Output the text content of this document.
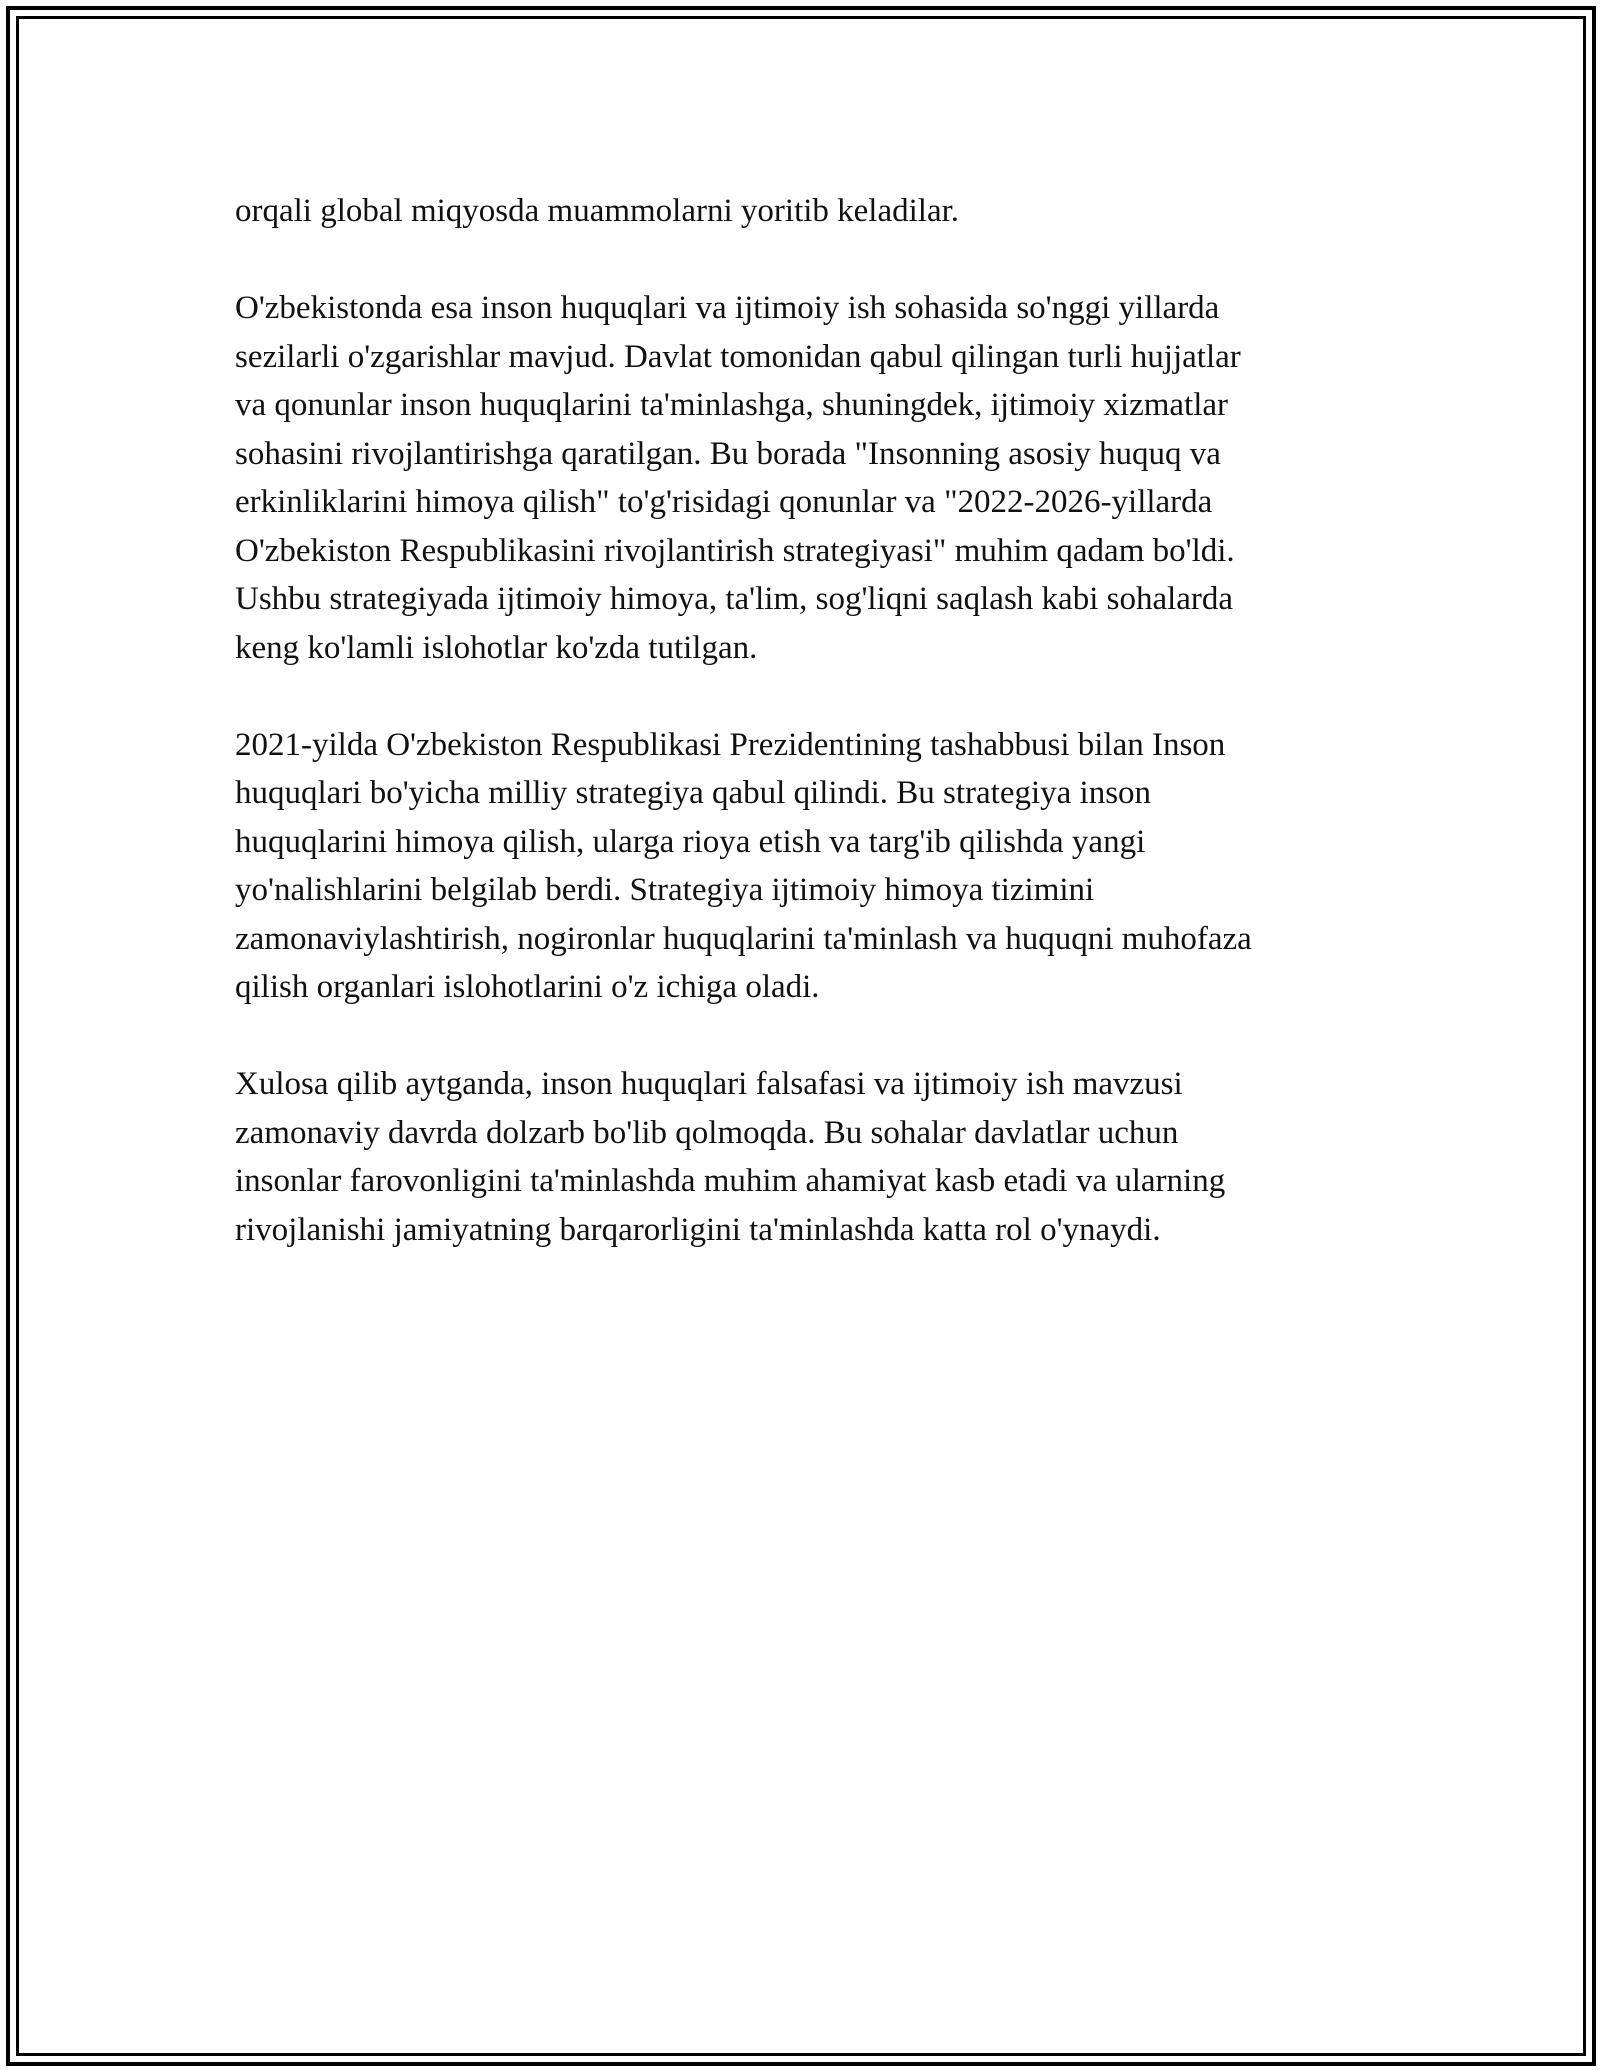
orqali global miqyosda muammolarni yoritib keladilar.
O'zbekistonda esa inson huquqlari va ijtimoiy ish sohasida so'nggi yillarda
sezilarli o'zgarishlar mavjud. Davlat tomonidan qabul qilingan turli hujjatlar
va qonunlar inson huquqlarini ta'minlashga, shuningdek, ijtimoiy xizmatlar
sohasini rivojlantirishga qaratilgan. Bu borada "Insonning asosiy huquq va
erkinliklarini himoya qilish" to'g'risidagi qonunlar va "2022-2026-yillarda
O'zbekiston Respublikasini rivojlantirish strategiyasi" muhim qadam bo'ldi.
Ushbu strategiyada ijtimoiy himoya, ta'lim, sog'liqni saqlash kabi sohalarda
keng ko'lamli islohotlar ko'zda tutilgan.
2021-yilda O'zbekiston Respublikasi Prezidentining tashabbusi bilan Inson
huquqlari bo'yicha milliy strategiya qabul qilindi. Bu strategiya inson
huquqlarini himoya qilish, ularga rioya etish va targ'ib qilishda yangi
yo'nalishlarini belgilab berdi. Strategiya ijtimoiy himoya tizimini
zamonaviylashtirish, nogironlar huquqlarini ta'minlash va huquqni muhofaza
qilish organlari islohotlarini o'z ichiga oladi.
Xulosa qilib aytganda, inson huquqlari falsafasi va ijtimoiy ish mavzusi
zamonaviy davrda dolzarb bo'lib qolmoqda. Bu sohalar davlatlar uchun
insonlar farovonligini ta'minlashda muhim ahamiyat kasb etadi va ularning
rivojlanishi jamiyatning barqarorligini ta'minlashda katta rol o'ynaydi.
